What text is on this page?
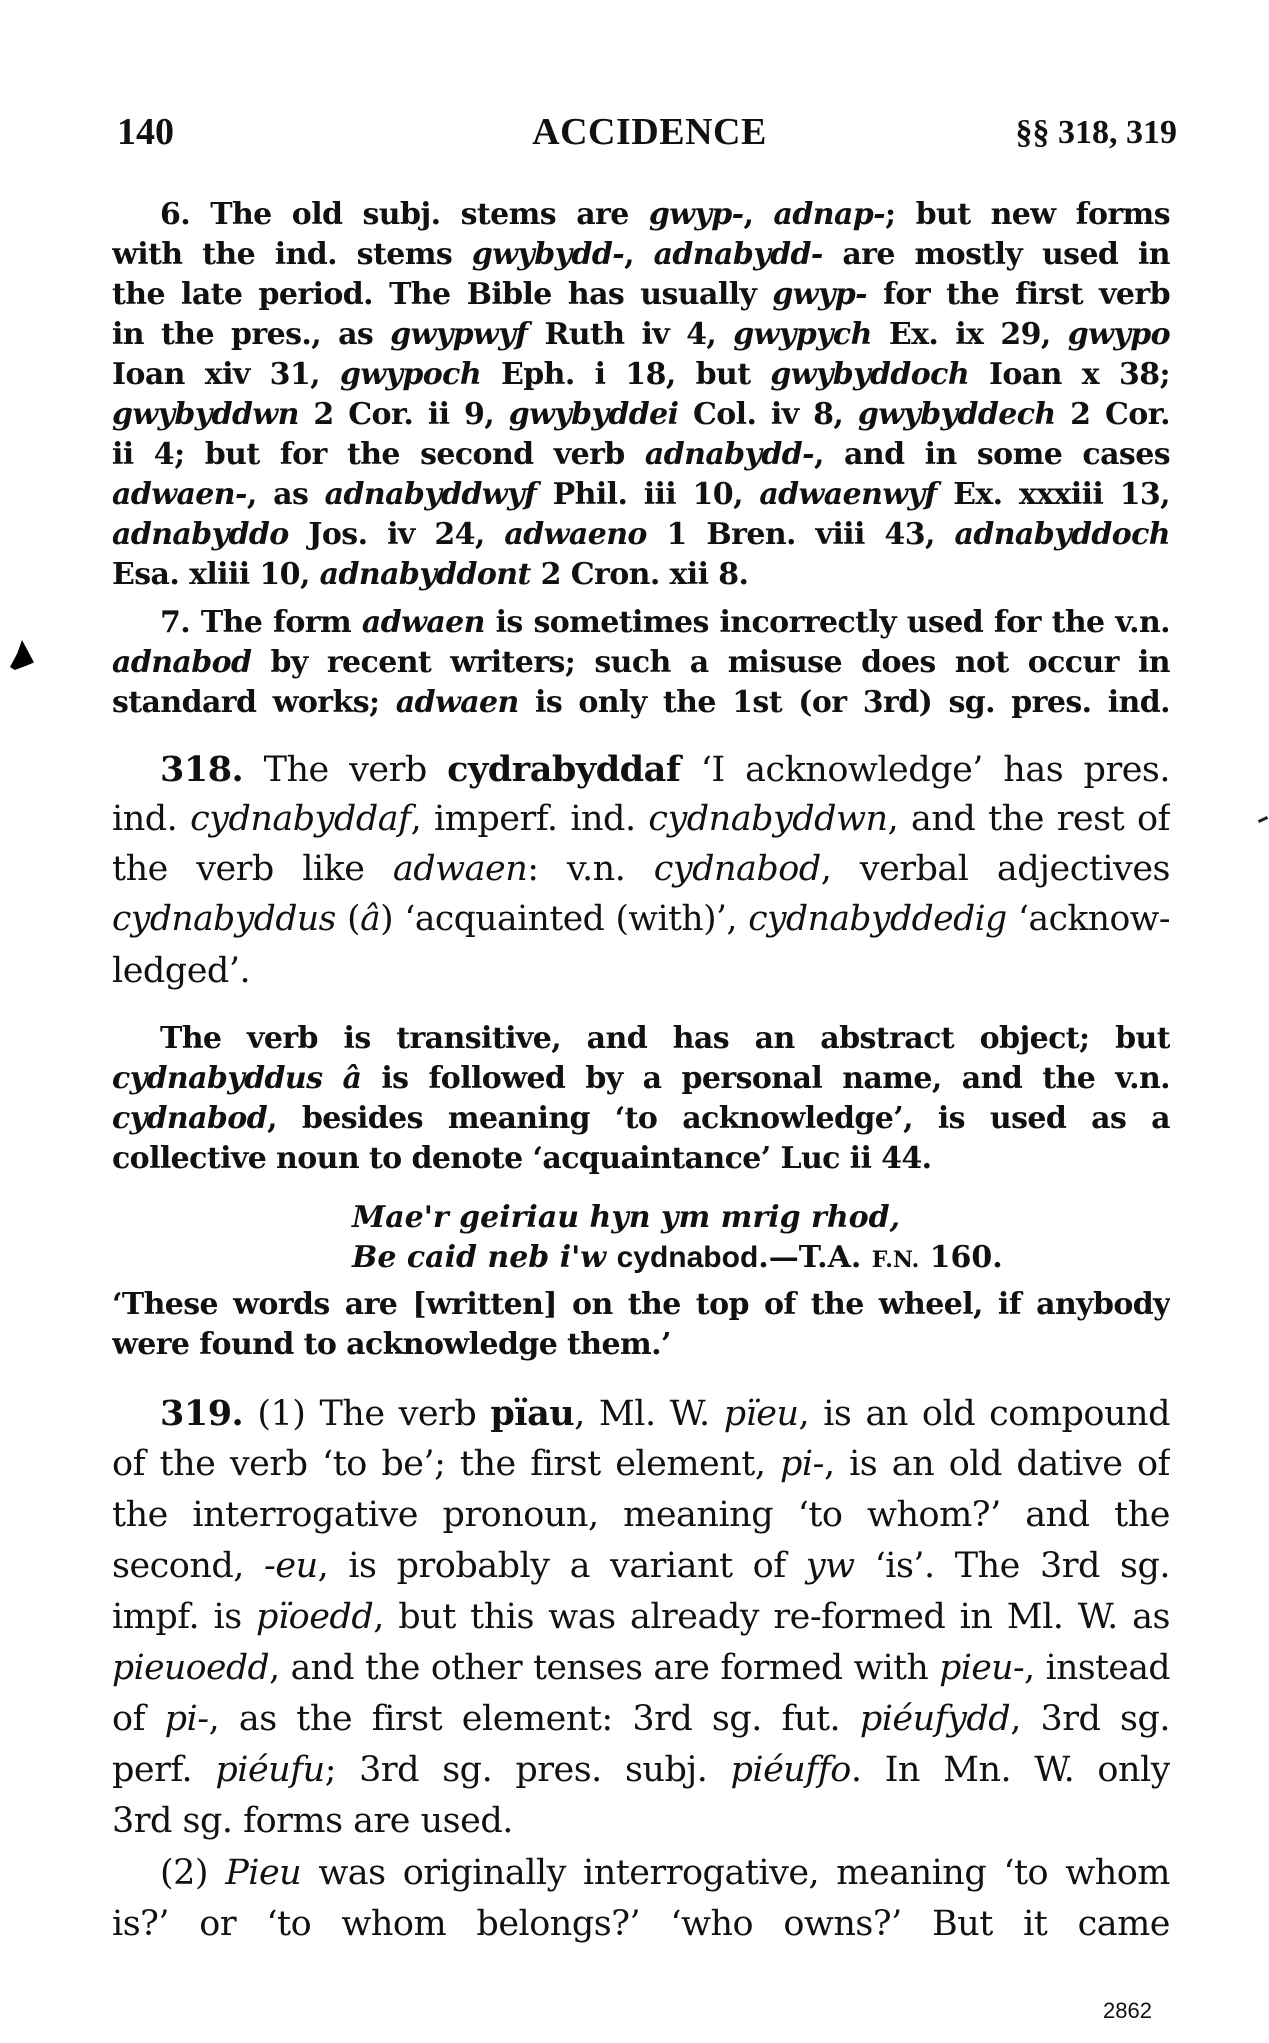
140	ACCIDENCE	§§ 318, 319
6. The old subj. stems are gwyp-, adnap-; but new forms
with the ind. stems gwybydd-, adnabydd- are mostly used in
the late period. The Bible has usually gwyp- for the first verb
in the pres., as gwypwyf Ruth iv 4, gwypych Ex. ix 29, gwypo
Ioan xiv 31, gwypoch Eph. i 18, but gwybyddoch Ioan x 38;
gwybyddwn 2 Cor. ii 9, gwybyddei Col. iv 8, gwybyddech 2 Cor.
ii 4; but for the second verb adnabydd-, and in some cases
adwaen-, as adnabyddwyf Phil. iii 10, adwaenwyf Ex. xxxiii 13,
adnabyddo Jos. iv 24, adwaeno 1 Bren. viii 43, adnabyddoch
Esa. xliii 10, adnabyddont 2 Cron. xii 8.
7. The form adwaen is sometimes incorrectly used for the v.n.
adnabod by recent writers; such a misuse does not occur in
standard works; adwaen is only the 1st (or 3rd) sg. pres. ind.
318. The verb cydrabyddaf ‘I acknowledge’ has pres.
ind. cydnabyddaf, imperf. ind. cydnabyddwn, and the rest of
the verb like adwaen: v.n. cydnabod, verbal adjectives
cydnabyddus (â) ‘acquainted (with)’, cydnabyddedig ‘acknow-
ledged’.
The verb is transitive, and has an abstract object; but
cydnabyddus â is followed by a personal name, and the v.n.
cydnabod, besides meaning ‘to acknowledge’, is used as a
collective noun to denote ‘acquaintance’ Luc ii 44.
Mae'r geiriau hyn ym mrig rhod,
Be caid neb i'w cydnabod.—T.A. F.N. 160.
‘These words are [written] on the top of the wheel, if anybody
were found to acknowledge them.’
319. (1) The verb pïau, Ml. W. pïeu, is an old compound
of the verb ‘to be’; the first element, pi-, is an old dative of
the interrogative pronoun, meaning ‘to whom?’ and the
second, -eu, is probably a variant of yw ‘is’. The 3rd sg.
impf. is pïoedd, but this was already re-formed in Ml. W. as
pieuoedd, and the other tenses are formed with pieu-, instead
of pi-, as the first element: 3rd sg. fut. piéufydd, 3rd sg.
perf. piéufu; 3rd sg. pres. subj. piéuffo. In Mn. W. only
3rd sg. forms are used.
(2) Pieu was originally interrogative, meaning ‘to whom
is?’ or ‘to whom belongs?’ ‘who owns?’ But it came
2862
